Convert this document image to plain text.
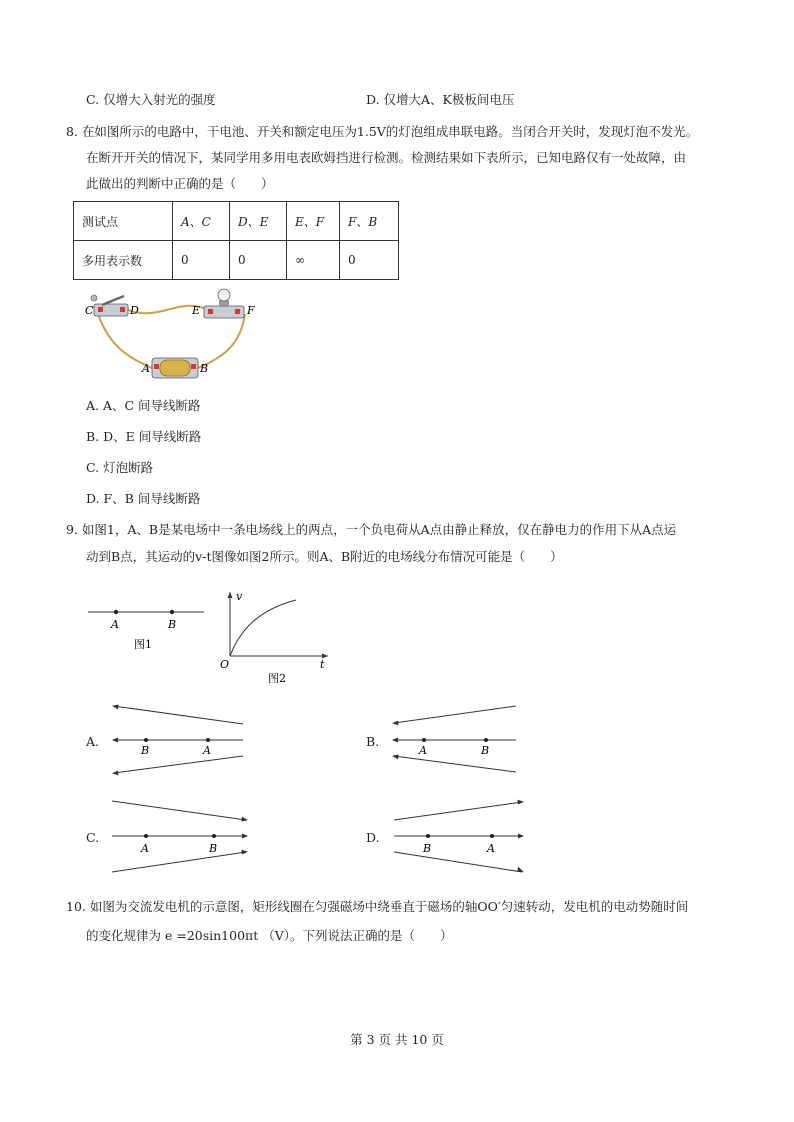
C. 仅增大入射光的强度	D. 仅增大A、K极板间电压
8. 在如图所示的电路中，干电池、开关和额定电压为1.5V的灯泡组成串联电路。当闭合开关时，发现灯泡不发光。
在断开开关的情况下，某同学用多用电表欧姆挡进行检测。检测结果如下表所示，已知电路仅有一处故障，由
此做出的判断中正确的是（　　）
测试点	A、C	D、E	E、F	F、B
多用表示数	0	0	∞	0
C	D	E	F
A	B
A. A、C 间导线断路
B. D、E 间导线断路
C. 灯泡断路
D. F、B 间导线断路
9. 如图1，A、B是某电场中一条电场线上的两点，一个负电荷从A点由静止释放，仅在静电力的作用下从A点运
动到B点，其运动的v-t图像如图2所示。则A、B附近的电场线分布情况可能是（　　）
A	B
图1
v
t
O
图2
A.
B	A
B.
A	B
C.
A	B
D.
B	A
10. 如图为交流发电机的示意图，矩形线圈在匀强磁场中绕垂直于磁场的轴OO′匀速转动，发电机的电动势随时间
的变化规律为 e =20sin100πt （V）。下列说法正确的是（　　）
第 3 页 共 10 页
